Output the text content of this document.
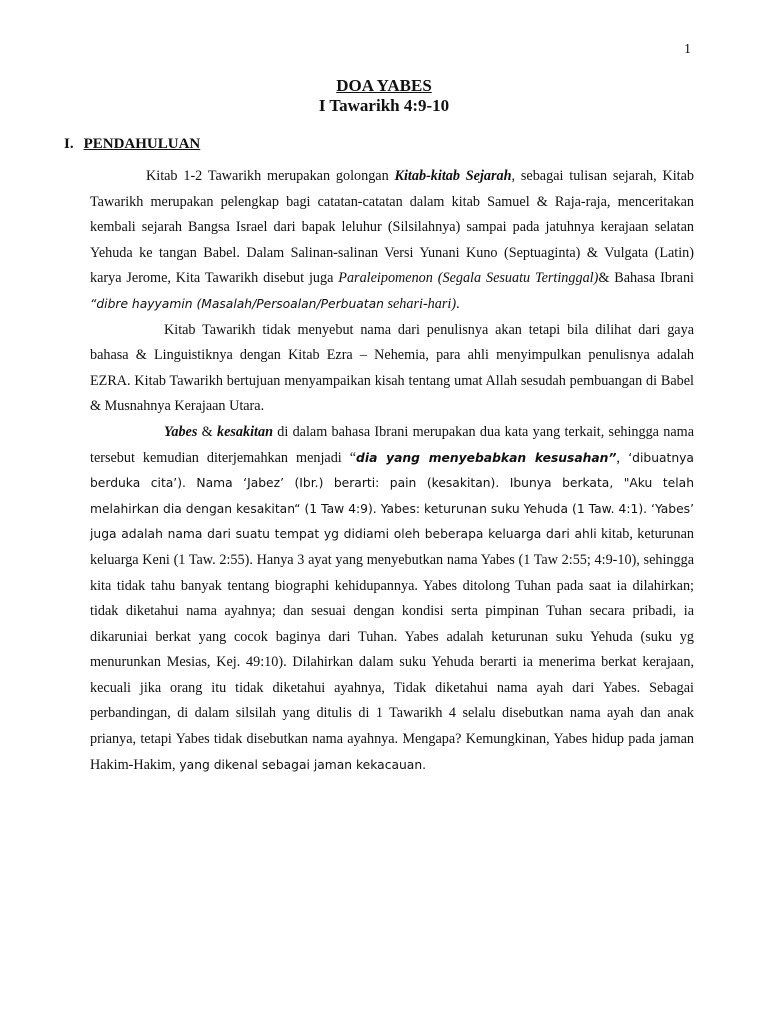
1
DOA YABES
I Tawarikh 4:9-10
I. PENDAHULUAN

Kitab 1-2 Tawarikh merupakan golongan Kitab-kitab Sejarah, sebagai tulisan sejarah, Kitab Tawarikh merupakan pelengkap bagi catatan-catatan dalam kitab Samuel & Raja-raja, menceritakan kembali sejarah Bangsa Israel dari bapak leluhur (Silsilahnya) sampai pada jatuhnya kerajaan selatan Yehuda ke tangan Babel. Dalam Salinan-salinan Versi Yunani Kuno (Septuaginta) & Vulgata (Latin) karya Jerome, Kita Tawarikh disebut juga Paraleipomenon (Segala Sesuatu Tertinggal)& Bahasa Ibrani “dibre hayyamin (Masalah/Persoalan/Perbuatan sehari-hari).

Kitab Tawarikh tidak menyebut nama dari penulisnya akan tetapi bila dilihat dari gaya bahasa & Linguistiknya dengan Kitab Ezra – Nehemia, para ahli menyimpulkan penulisnya adalah EZRA. Kitab Tawarikh bertujuan menyampaikan kisah tentang umat Allah sesudah pembuangan di Babel & Musnahnya Kerajaan Utara.

Yabes & kesakitan di dalam bahasa Ibrani merupakan dua kata yang terkait, sehingga nama tersebut kemudian diterjemahkan menjadi “dia yang menyebabkan kesusahan”, ‘dibuatnya berduka cita’). Nama ‘Jabez’ (Ibr.) berarti: pain (kesakitan). Ibunya berkata, "Aku telah melahirkan dia dengan kesakitan“ (1 Taw 4:9). Yabes: keturunan suku Yehuda (1 Taw. 4:1). ‘Yabes’ juga adalah nama dari suatu tempat yg didiami oleh beberapa keluarga dari ahli kitab, keturunan keluarga Keni (1 Taw. 2:55). Hanya 3 ayat yang menyebutkan nama Yabes (1 Taw 2:55; 4:9-10), sehingga kita tidak tahu banyak tentang biographi kehidupannya. Yabes ditolong Tuhan pada saat ia dilahirkan; tidak diketahui nama ayahnya; dan sesuai dengan kondisi serta pimpinan Tuhan secara pribadi, ia dikaruniai berkat yang cocok baginya dari Tuhan. Yabes adalah keturunan suku Yehuda (suku yg menurunkan Mesias, Kej. 49:10). Dilahirkan dalam suku Yehuda berarti ia menerima berkat kerajaan, kecuali jika orang itu tidak diketahui ayahnya, Tidak diketahui nama ayah dari Yabes. Sebagai perbandingan, di dalam silsilah yang ditulis di 1 Tawarikh 4 selalu disebutkan nama ayah dan anak prianya, tetapi Yabes tidak disebutkan nama ayahnya. Mengapa? Kemungkinan, Yabes hidup pada jaman Hakim-Hakim, yang dikenal sebagai jaman kekacauan.
